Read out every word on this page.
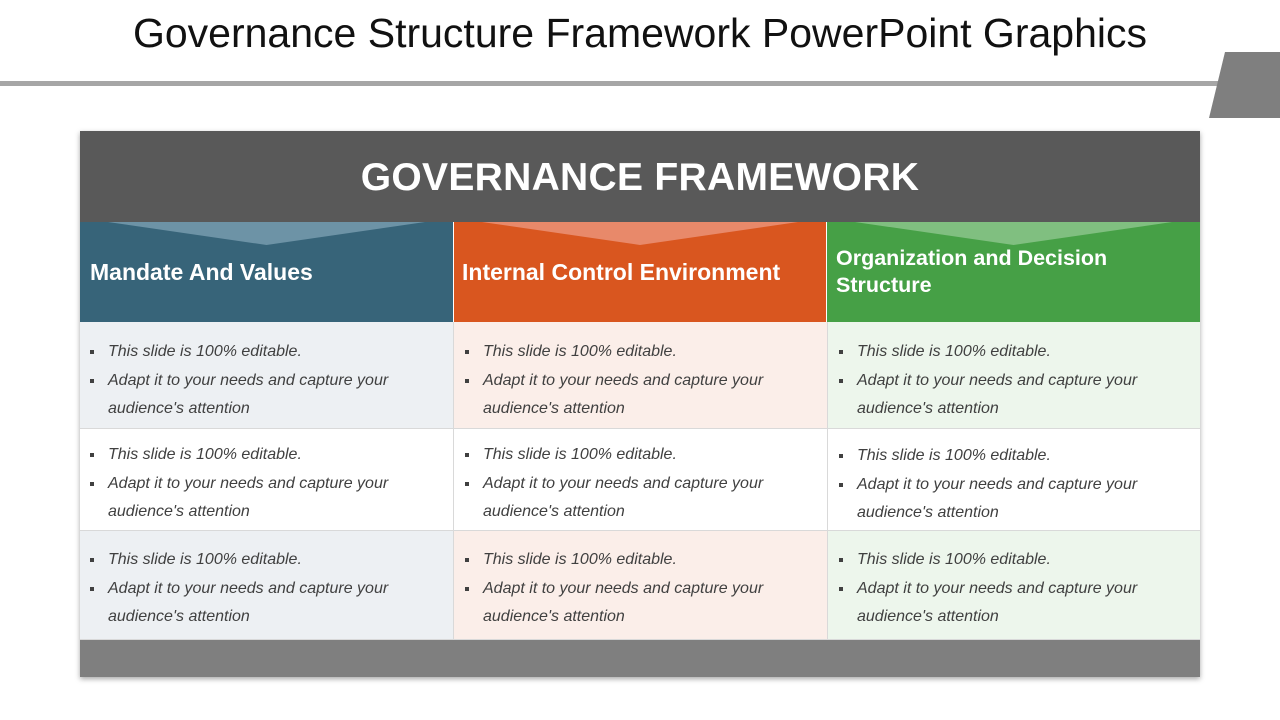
Governance Structure Framework PowerPoint Graphics
GOVERNANCE FRAMEWORK
Mandate And Values	Internal Control Environment
Organization and Decision Structure
This slide is 100% editable.
Adapt it to your needs and capture your audience's attention
This slide is 100% editable.
Adapt it to your needs and capture your audience's attention
This slide is 100% editable.
Adapt it to your needs and capture your audience's attention
This slide is 100% editable.
Adapt it to your needs and capture your audience's attention
This slide is 100% editable.
Adapt it to your needs and capture your audience's attention
This slide is 100% editable.
Adapt it to your needs and capture your audience's attention
This slide is 100% editable.
Adapt it to your needs and capture your audience's attention
This slide is 100% editable.
Adapt it to your needs and capture your audience's attention
This slide is 100% editable.
Adapt it to your needs and capture your audience's attention
